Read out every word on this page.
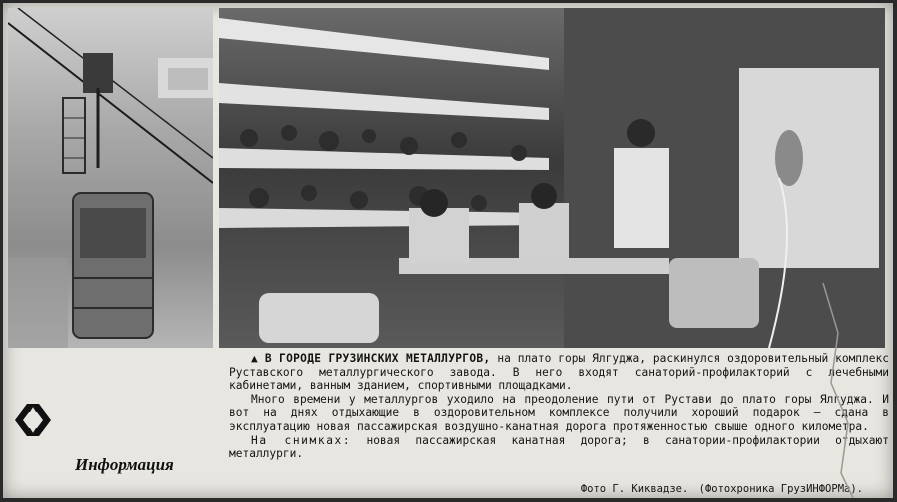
Информация

▲ В ГОРОДЕ ГРУЗИНСКИХ МЕТАЛЛУРГОВ, на плато горы Ялгуджа, раскинулся оздоровительный комплекс Руставского металлургического завода. В него входят санаторий-профилакторий с лечебными кабинетами, ванным зданием, спортивными площадками.

Много времени у металлургов уходило на преодоление пути от Рустави до плато горы Ялгуджа. И вот на днях отдыхающие в оздоровительном комплексе получили хороший подарок — сдана в эксплуатацию новая пассажирская воздушно-канатная дорога протяженностью свыше одного километра.

На снимках: новая пассажирская канатная дорога; в санатории-профилактории отдыхают металлурги.

Фото Г. Киквадзе. (Фотохроника ГрузИНФОРМа).
